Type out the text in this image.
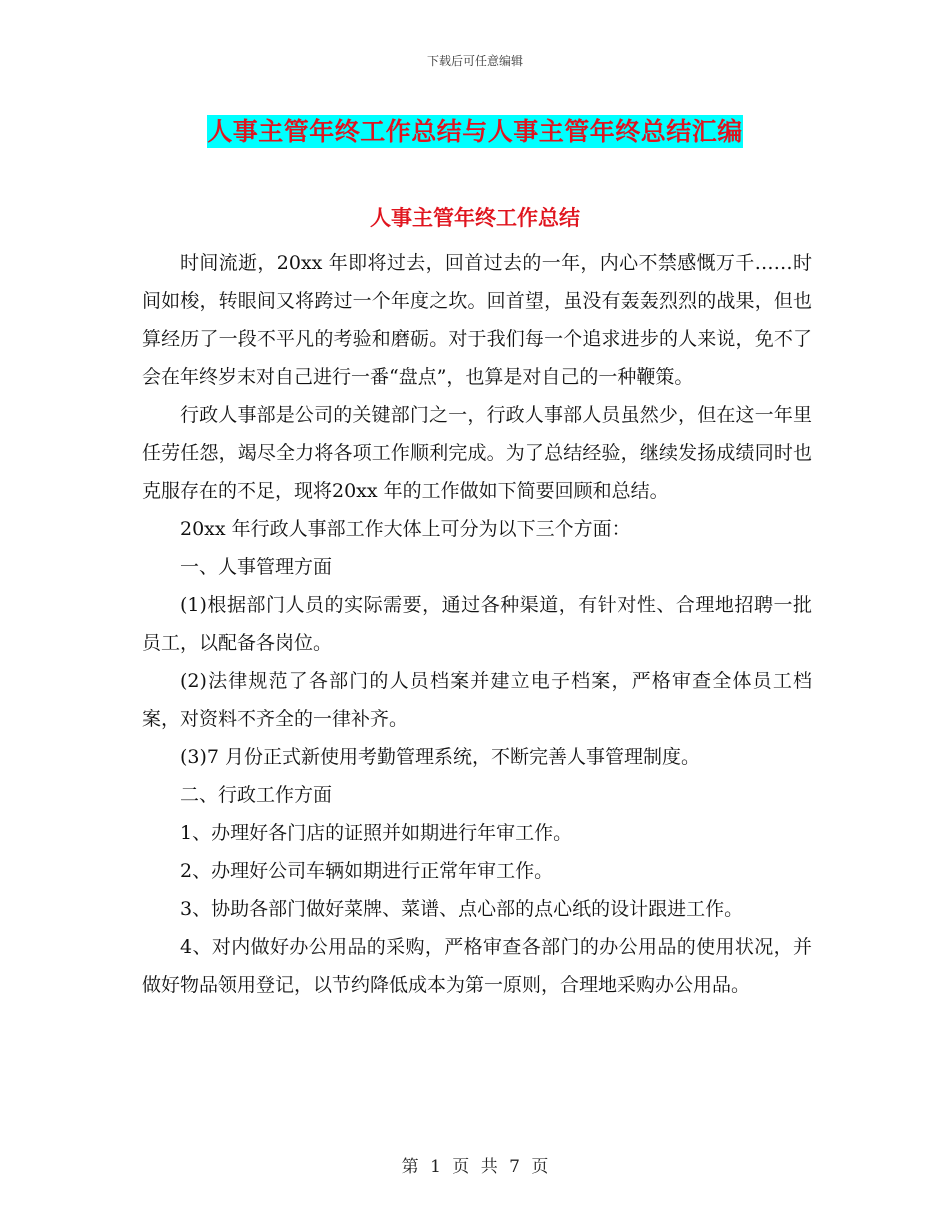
下载后可任意编辑
人事主管年终工作总结与人事主管年终总结汇编
人事主管年终工作总结

时间流逝，20xx 年即将过去，回首过去的一年，内心不禁感慨万千……时间如梭，转眼间又将跨过一个年度之坎。回首望，虽没有轰轰烈烈的战果，但也算经历了一段不平凡的考验和磨砺。对于我们每一个追求进步的人来说，免不了会在年终岁末对自己进行一番“盘点”，也算是对自己的一种鞭策。

行政人事部是公司的关键部门之一，行政人事部人员虽然少，但在这一年里任劳任怨，竭尽全力将各项工作顺利完成。为了总结经验，继续发扬成绩同时也克服存在的不足，现将20xx 年的工作做如下简要回顾和总结。

20xx 年行政人事部工作大体上可分为以下三个方面：

一、人事管理方面

(1)根据部门人员的实际需要，通过各种渠道，有针对性、合理地招聘一批员工，以配备各岗位。

(2)法律规范了各部门的人员档案并建立电子档案，严格审查全体员工档案，对资料不齐全的一律补齐。

(3)7 月份正式新使用考勤管理系统，不断完善人事管理制度。

二、行政工作方面

1、办理好各门店的证照并如期进行年审工作。

2、办理好公司车辆如期进行正常年审工作。

3、协助各部门做好菜牌、菜谱、点心部的点心纸的设计跟进工作。

4、对内做好办公用品的采购，严格审查各部门的办公用品的使用状况，并做好物品领用登记，以节约降低成本为第一原则，合理地采购办公用品。

第 1 页 共 7 页
